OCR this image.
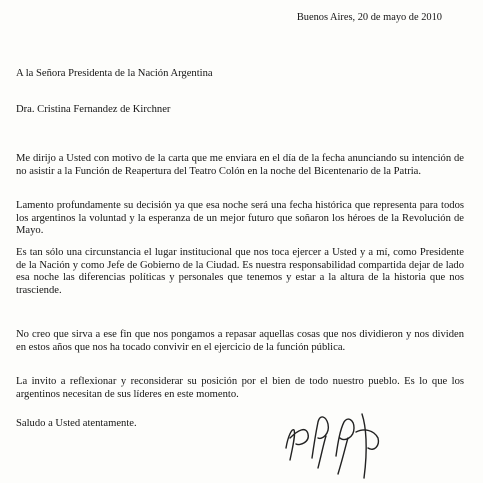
Buenos Aires, 20 de mayo de 2010
A la Señora Presidenta de la Nación Argentina
Dra. Cristina Fernandez de Kirchner
Me dirijo a Usted con motivo de la carta que me enviara en el día de la fecha anunciando su intención de no asistir a la Función de Reapertura del Teatro Colón en la noche del Bicentenario de la Patria.
Lamento profundamente su decisión ya que esa noche será una fecha histórica que representa para todos los argentinos la voluntad y la esperanza de un mejor futuro que soñaron los héroes de la Revolución de Mayo.
Es tan sólo una circunstancia el lugar institucional que nos toca ejercer a Usted y a mí, como Presidente de la Nación y como Jefe de Gobierno de la Ciudad. Es nuestra responsabilidad compartida dejar de lado esa noche las diferencias políticas y personales que tenemos y estar a la altura de la historia que nos trasciende.
No creo que sirva a ese fin que nos pongamos a repasar aquellas cosas que nos dividieron y nos dividen en estos años que nos ha tocado convivir en el ejercicio de la función pública.
La invito a reflexionar y reconsiderar su posición por el bien de todo nuestro pueblo. Es lo que los argentinos necesitan de sus líderes en este momento.
Saludo a Usted atentamente.
